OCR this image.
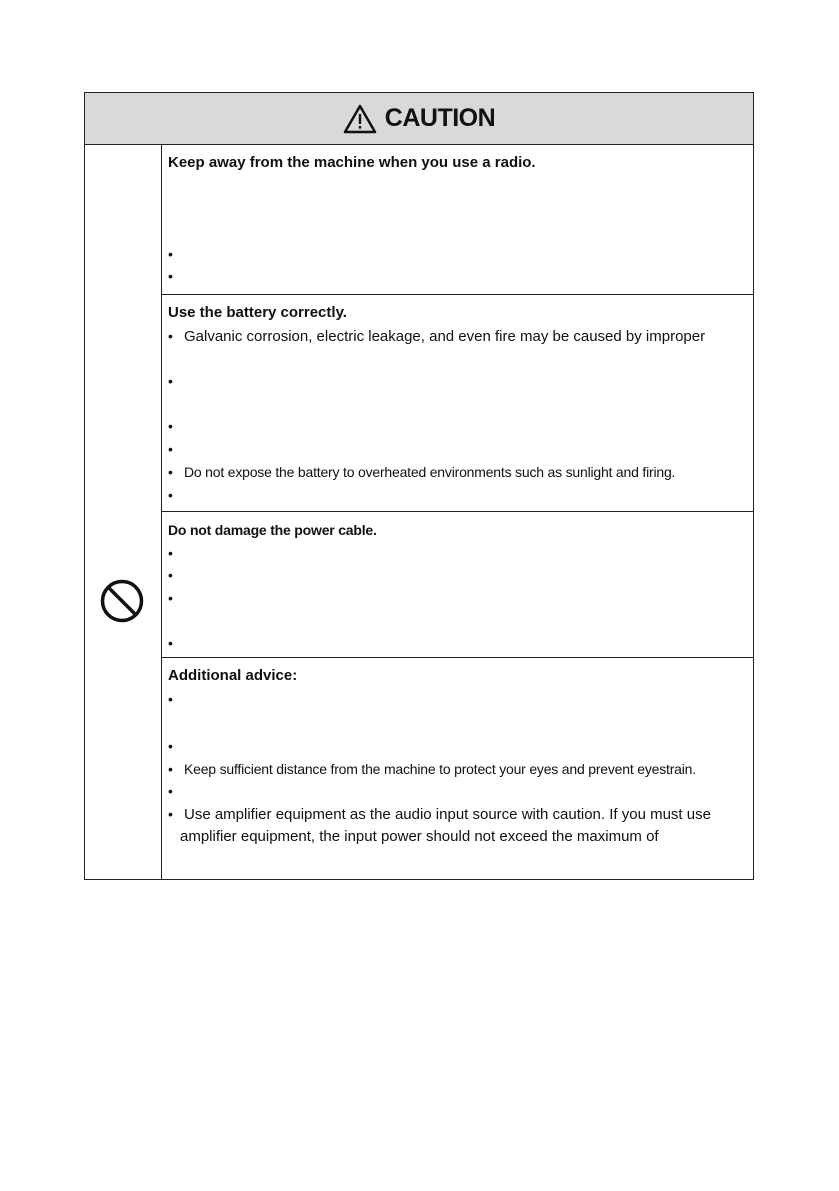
CAUTION
Keep away from the machine when you use a radio.
•
•
Use the battery correctly.
• Galvanic corrosion, electric leakage, and even fire may be caused by improper
•
•
•
• Do not expose the battery to overheated environments such as sunlight and firing.
•
Do not damage the power cable.
•
•
•
•
Additional advice:
•
•
• Keep sufficient distance from the machine to protect your eyes and prevent eyestrain.
•
• Use amplifier equipment as the audio input source with caution. If you must use
amplifier equipment, the input power should not exceed the maximum of
